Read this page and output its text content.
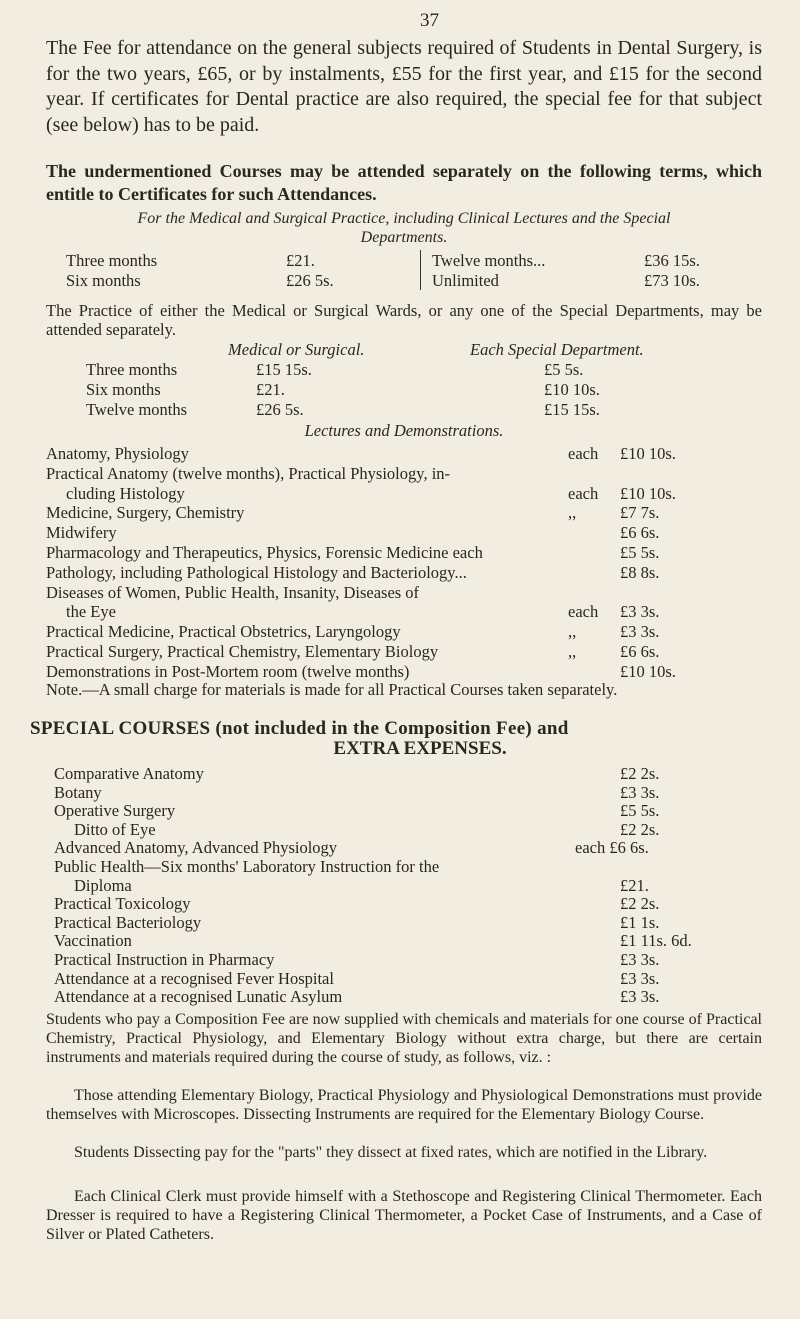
37
The Fee for attendance on the general subjects required of Students in Dental Surgery, is for the two years, £65, or by instalments, £55 for the first year, and £15 for the second year. If certificates for Dental practice are also required, the special fee for that subject (see below) has to be paid.
The undermentioned Courses may be attended separately on the following terms, which entitle to Certificates for such Attendances.
For the Medical and Surgical Practice, including Clinical Lectures and the Special
Departments.
Three months	£21.
Six months	£26 5s.
Twelve months...	£36 15s.
Unlimited	£73 10s.
The Practice of either the Medical or Surgical Wards, or any one of the Special Departments, may be attended separately.
Medical or Surgical.	Each Special Department.
Three months	£15 15s.	£5 5s.
Six months	£21.	£10 10s.
Twelve months	£26 5s.	£15 15s.
Lectures and Demonstrations.
Anatomy, Physiology	each £10 10s.
Practical Anatomy (twelve months), Practical Physiology, in-
cluding Histology	each £10 10s.
Medicine, Surgery, Chemistry	,,	£7 7s.
Midwifery	£6 6s.
Pharmacology and Therapeutics, Physics, Forensic Medicine each	£5 5s.
Pathology, including Pathological Histology and Bacteriology...	£8 8s.
Diseases of Women, Public Health, Insanity, Diseases of
the Eye	each £3 3s.
Practical Medicine, Practical Obstetrics, Laryngology	,,	£3 3s.
Practical Surgery, Practical Chemistry, Elementary Biology	,,	£6 6s.
Demonstrations in Post-Mortem room (twelve months)	£10 10s.
Note.—A small charge for materials is made for all Practical Courses taken separately.
SPECIAL COURSES (not included in the Composition Fee) and
EXTRA EXPENSES.
Comparative Anatomy	£2 2s.
Botany	£3 3s.
Operative Surgery	£5 5s.
Ditto of Eye	£2 2s.
Advanced Anatomy, Advanced Physiology	each £6 6s.
Public Health—Six months' Laboratory Instruction for the
Diploma	£21.
Practical Toxicology	£2 2s.
Practical Bacteriology	£1 1s.
Vaccination	£1 11s. 6d.
Practical Instruction in Pharmacy	£3 3s.
Attendance at a recognised Fever Hospital	£3 3s.
Attendance at a recognised Lunatic Asylum	£3 3s.
Students who pay a Composition Fee are now supplied with chemicals and materials for one course of Practical Chemistry, Practical Physiology, and Elementary Biology without extra charge, but there are certain instruments and materials required during the course of study, as follows, viz. :
Those attending Elementary Biology, Practical Physiology and Physiological Demonstrations must provide themselves with Microscopes. Dissecting Instruments are required for the Elementary Biology Course.
Students Dissecting pay for the "parts" they dissect at fixed rates, which are notified in the Library.
Each Clinical Clerk must provide himself with a Stethoscope and Registering Clinical Thermometer. Each Dresser is required to have a Registering Clinical Thermometer, a Pocket Case of Instruments, and a Case of Silver or Plated Catheters.
